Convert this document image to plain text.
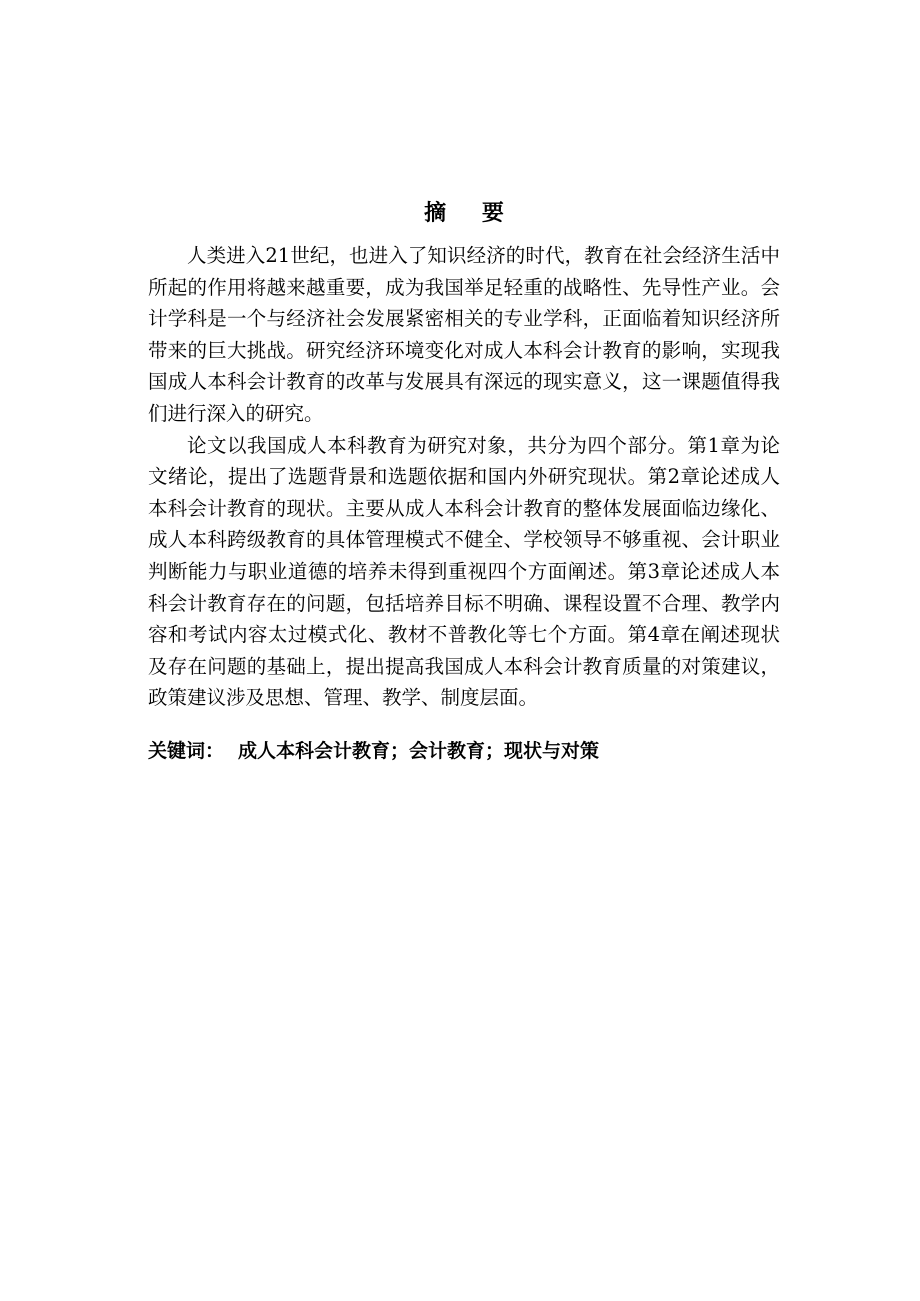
摘 要

人类进入21世纪，也进入了知识经济的时代，教育在社会经济生活中所起的作用将越来越重要，成为我国举足轻重的战略性、先导性产业。会计学科是一个与经济社会发展紧密相关的专业学科，正面临着知识经济所带来的巨大挑战。研究经济环境变化对成人本科会计教育的影响，实现我国成人本科会计教育的改革与发展具有深远的现实意义，这一课题值得我们进行深入的研究。

论文以我国成人本科教育为研究对象，共分为四个部分。第1章为论文绪论，提出了选题背景和选题依据和国内外研究现状。第2章论述成人本科会计教育的现状。主要从成人本科会计教育的整体发展面临边缘化、成人本科跨级教育的具体管理模式不健全、学校领导不够重视、会计职业判断能力与职业道德的培养未得到重视四个方面阐述。第3章论述成人本科会计教育存在的问题，包括培养目标不明确、课程设置不合理、教学内容和考试内容太过模式化、教材不普教化等七个方面。第4章在阐述现状及存在问题的基础上，提出提高我国成人本科会计教育质量的对策建议，政策建议涉及思想、管理、教学、制度层面。

关键词： 成人本科会计教育；会计教育；现状与对策
